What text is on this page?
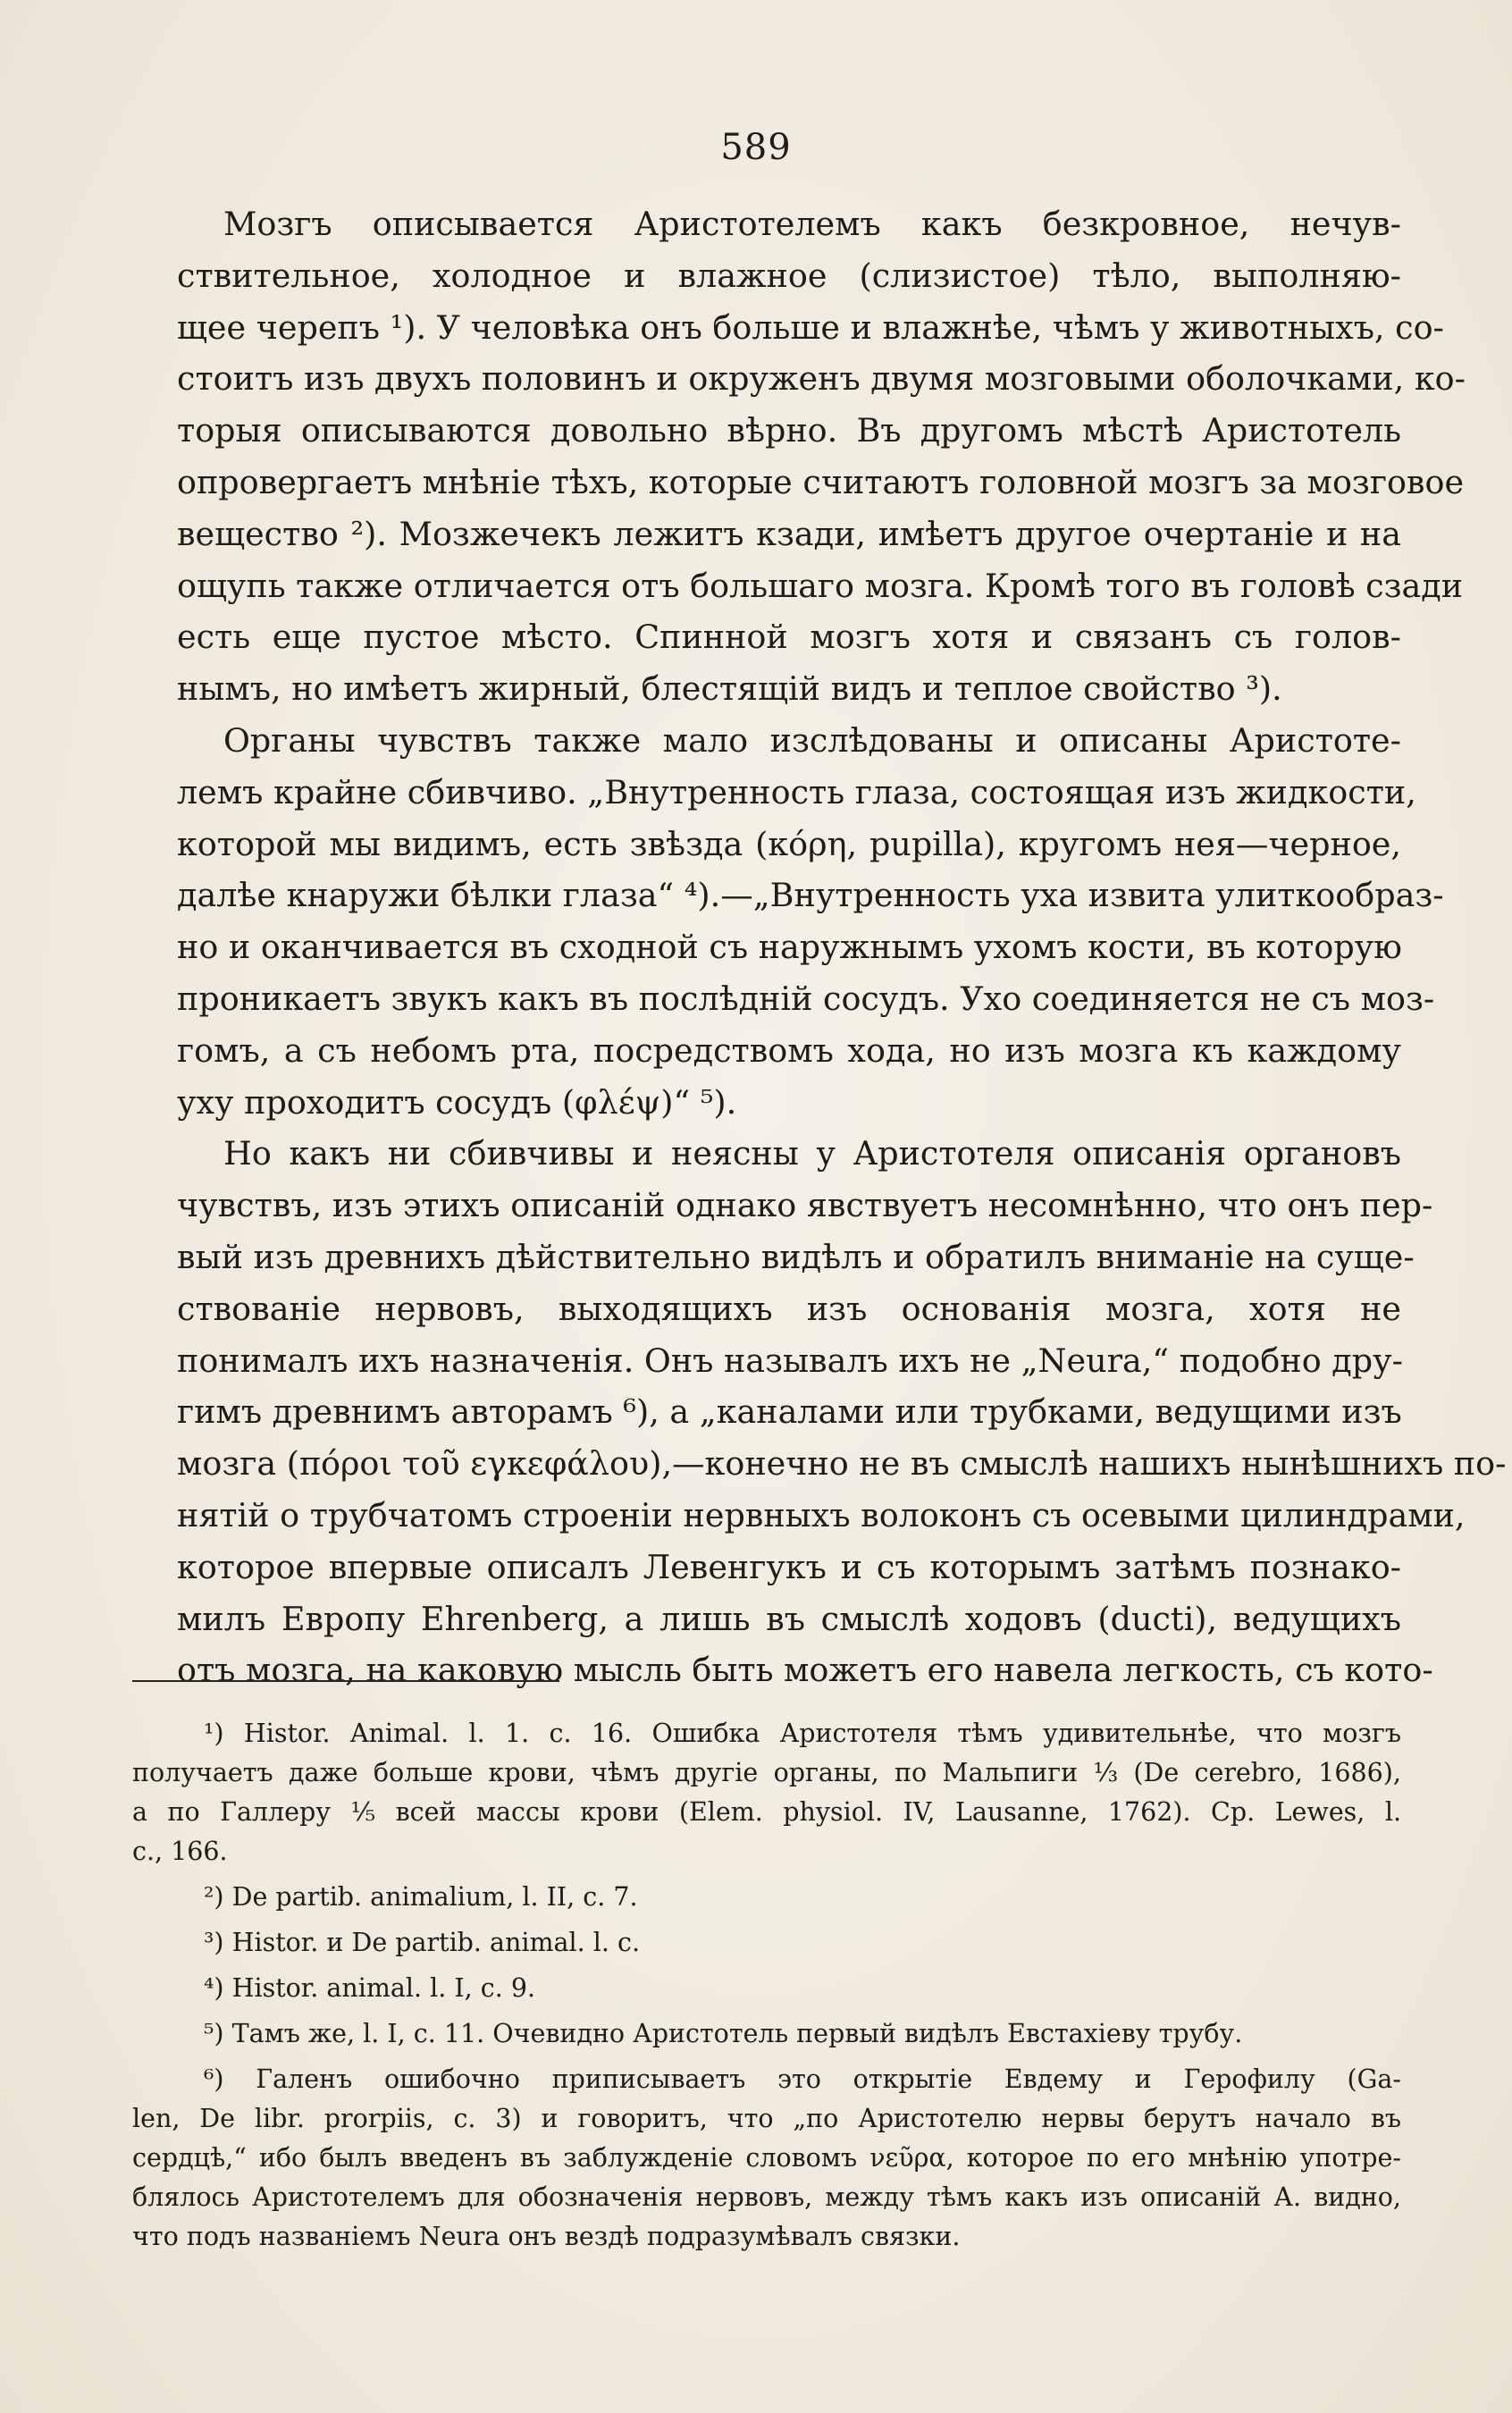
589
Мозгъ описывается Аристотелемъ какъ безкровное, нечув-
ствительное, холодное и влажное (слизистое) тѣло, выполняю-
щее черепъ ¹). У человѣка онъ больше и влажнѣе, чѣмъ у животныхъ, со-
стоитъ изъ двухъ половинъ и окруженъ двумя мозговыми оболочками, ко-
торыя описываются довольно вѣрно. Въ другомъ мѣстѣ Аристотель
опровергаетъ мнѣніе тѣхъ, которые считаютъ головной мозгъ за мозговое
вещество ²). Мозжечекъ лежитъ кзади, имѣетъ другое очертаніе и на
ощупь также отличается отъ большаго мозга. Кромѣ того въ головѣ сзади
есть еще пустое мѣсто. Спинной мозгъ хотя и связанъ съ голов-
нымъ, но имѣетъ жирный, блестящій видъ и теплое свойство ³).
Органы чувствъ также мало изслѣдованы и описаны Аристоте-
лемъ крайне сбивчиво. „Внутренность глаза, состоящая изъ жидкости,
которой мы видимъ, есть звѣзда (κόρη, pupilla), кругомъ нея—черное,
далѣе кнаружи бѣлки глаза“ ⁴).—„Внутренность уха извита улиткообраз-
но и оканчивается въ сходной съ наружнымъ ухомъ кости, въ которую
проникаетъ звукъ какъ въ послѣдній сосудъ. Ухо соединяется не съ моз-
гомъ, а съ небомъ рта, посредствомъ хода, но изъ мозга къ каждому
уху проходитъ сосудъ (φλέψ)“ ⁵).
Но какъ ни сбивчивы и неясны у Аристотеля описанія органовъ
чувствъ, изъ этихъ описаній однако явствуетъ несомнѣнно, что онъ пер-
вый изъ древнихъ дѣйствительно видѣлъ и обратилъ вниманіе на суще-
ствованіе нервовъ, выходящихъ изъ основанія мозга, хотя не
понималъ ихъ назначенія. Онъ называлъ ихъ не „Neura,“ подобно дру-
гимъ древнимъ авторамъ ⁶), а „каналами или трубками, ведущими изъ
мозга (πόροι τοῦ εγκεφάλου),—конечно не въ смыслѣ нашихъ нынѣшнихъ по-
нятій о трубчатомъ строеніи нервныхъ волоконъ съ осевыми цилиндрами,
которое впервые описалъ Левенгукъ и съ которымъ затѣмъ познако-
милъ Европу Ehrenberg, а лишь въ смыслѣ ходовъ (ducti), ведущихъ
отъ мозга, на каковую мысль быть можетъ его навела легкость, съ кото-
¹) Histor. Animal. l. 1. c. 16. Ошибка Аристотеля тѣмъ удивительнѣе, что мозгъ
получаетъ даже больше крови, чѣмъ другіе органы, по Мальпиги ⅓ (De cerebro, 1686),
а по Галлеру ⅕ всей массы крови (Elem. physiol. IV, Lausanne, 1762). Ср. Lewes, l.
c., 166.
²) De partib. animalium, l. II, c. 7.
³) Histor. и De partib. animal. l. c.
⁴) Histor. animal. l. I, c. 9.
⁵) Тамъ же, l. I, c. 11. Очевидно Аристотель первый видѣлъ Евстахіеву трубу.
⁶) Галенъ ошибочно приписываетъ это открытіе Евдему и Герофилу (Ga-
len, De libr. prorpiis, c. 3) и говоритъ, что „по Аристотелю нервы берутъ начало въ
сердцѣ,“ ибо былъ введенъ въ заблужденіе словомъ νεῦρα, которое по его мнѣнію употре-
блялось Аристотелемъ для обозначенія нервовъ, между тѣмъ какъ изъ описаній А. видно,
что подъ названіемъ Neura онъ вездѣ подразумѣвалъ связки.
